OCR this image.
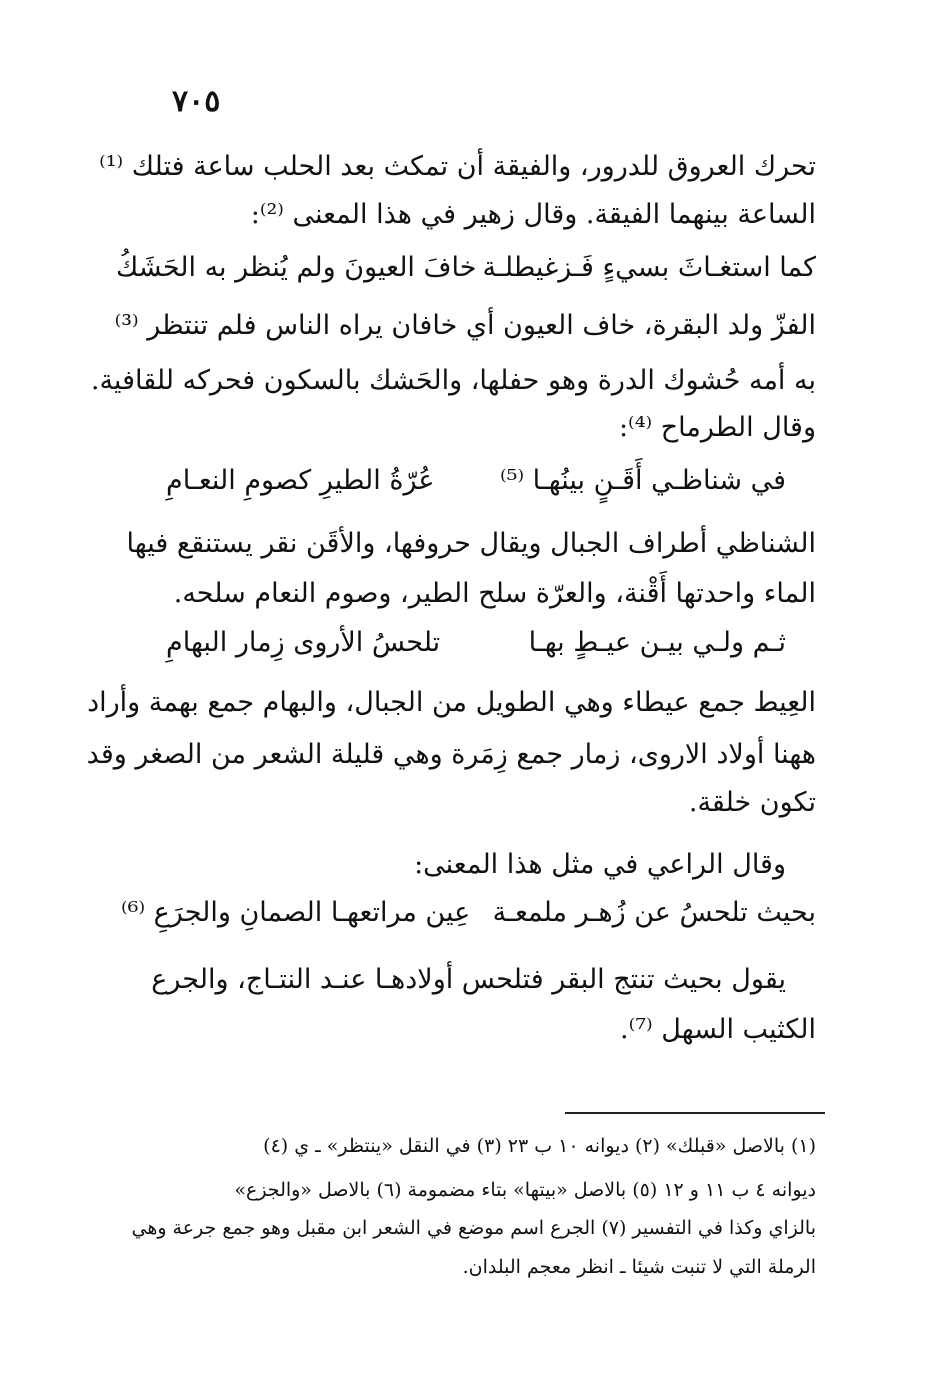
٧٠٥
تحرك العروق للدرور، والفيقة أن تمكث بعد الحلب ساعة فتلك ⁽¹⁾
الساعة بينهما الفيقة. وقال زهير في هذا المعنى ⁽²⁾:
كما استغـاثَ بسيءٍ فَـزغيطلـة
خافَ العيونَ ولم يُنظر به الحَشَكُ
الفزّ ولد البقرة، خاف العيون أي خافان يراه الناس فلم تنتظر ⁽³⁾
به أمه حُشوك الدرة وهو حفلها، والحَشك بالسكون فحركه للقافية.
وقال الطرماح ⁽⁴⁾:
في شناظـي أَقَـنٍ بينُهـا ⁽⁵⁾
عُرّةُ الطيرِ كصومِ النعـامِ
الشناظي أطراف الجبال ويقال حروفها، والأقَن نقر يستنقع فيها
الماء واحدتها أَقْنة، والعرّة سلح الطير، وصوم النعام سلحه.
ثـم ولـي بيـن عيـطٍ بهـا
تلحسُ الأروى زِمار البهامِ
العِيط جمع عيطاء وهي الطويل من الجبال، والبهام جمع بهمة وأراد
ههنا أولاد الاروى، زمار جمع زِمَرة وهي قليلة الشعر من الصغر وقد
تكون خلقة.
وقال الراعي في مثل هذا المعنى:
بحيث تلحسُ عن زُهـر ملمعـة
عِين مراتعهـا الصمانِ والجرَعِ ⁽⁶⁾
يقول بحيث تنتج البقر فتلحس أولادهـا عنـد النتـاج، والجرع
الكثيب السهل ⁽⁷⁾.
(١) بالاصل «قبلك» (٢) ديوانه ١٠ ب ٢٣ (٣) في النقل «ينتظر» ـ ي (٤)
ديوانه ٤ ب ١١ و ١٢ (٥) بالاصل «بيتها» بتاء مضمومة (٦) بالاصل «والجزع»
بالزاي وكذا في التفسير (٧) الجرع اسم موضع في الشعر ابن مقبل وهو جمع جرعة وهي
الرملة التي لا تنبت شيئا ـ انظر معجم البلدان.
